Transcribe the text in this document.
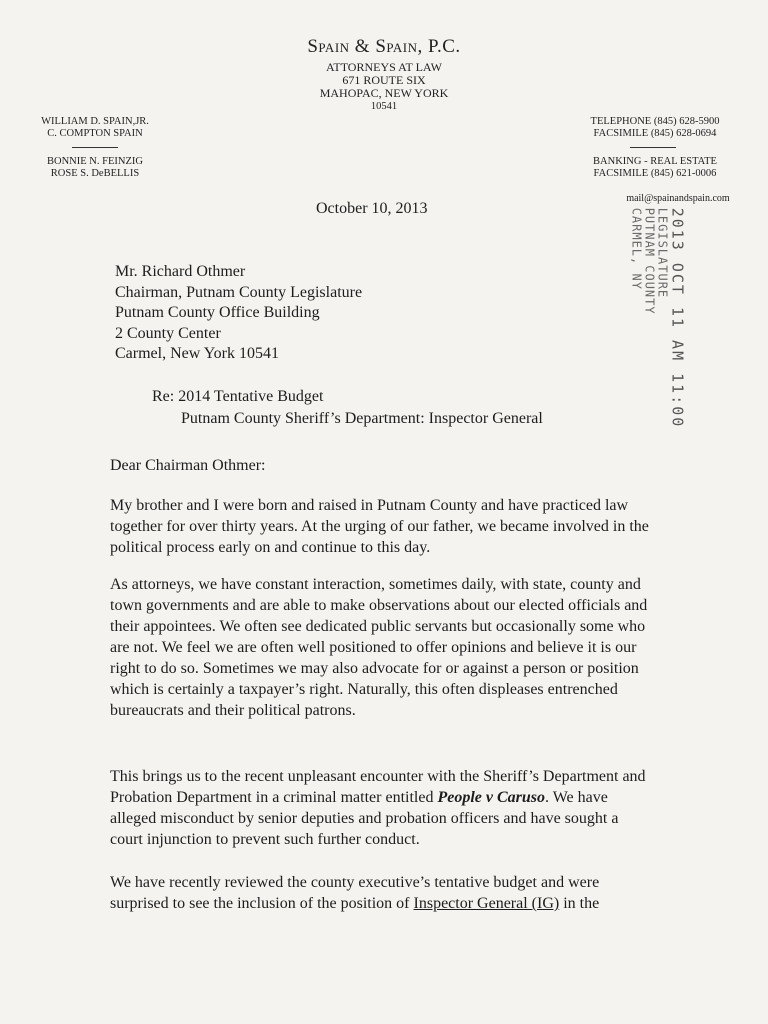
Spain & Spain, P.C.
ATTORNEYS AT LAW
671 ROUTE SIX
MAHOPAC, NEW YORK
10541
WILLIAM D. SPAIN,JR.
C. COMPTON SPAIN
BONNIE N. FEINZIG
ROSE S. DeBELLIS
TELEPHONE (845) 628-5900
FACSIMILE (845) 628-0694
BANKING - REAL ESTATE
FACSIMILE (845) 621-0006
mail@spainandspain.com
October 10, 2013	2013 OCT 11 AM 11:00
LEGISLATURE
PUTNAM COUNTY
CARMEL, NY
Mr. Richard Othmer
Chairman, Putnam County Legislature
Putnam County Office Building
2 County Center
Carmel, New York 10541
Re: 2014 Tentative Budget
Putnam County Sheriff’s Department: Inspector General
Dear Chairman Othmer:

My brother and I were born and raised in Putnam County and have practiced law together for over thirty years. At the urging of our father, we became involved in the political process early on and continue to this day.

As attorneys, we have constant interaction, sometimes daily, with state, county and town governments and are able to make observations about our elected officials and their appointees. We often see dedicated public servants but occasionally some who are not. We feel we are often well positioned to offer opinions and believe it is our right to do so. Sometimes we may also advocate for or against a person or position which is certainly a taxpayer’s right. Naturally, this often displeases entrenched bureaucrats and their political patrons.

This brings us to the recent unpleasant encounter with the Sheriff’s Department and Probation Department in a criminal matter entitled People v Caruso. We have alleged misconduct by senior deputies and probation officers and have sought a court injunction to prevent such further conduct.

We have recently reviewed the county executive’s tentative budget and were surprised to see the inclusion of the position of Inspector General (IG) in the
